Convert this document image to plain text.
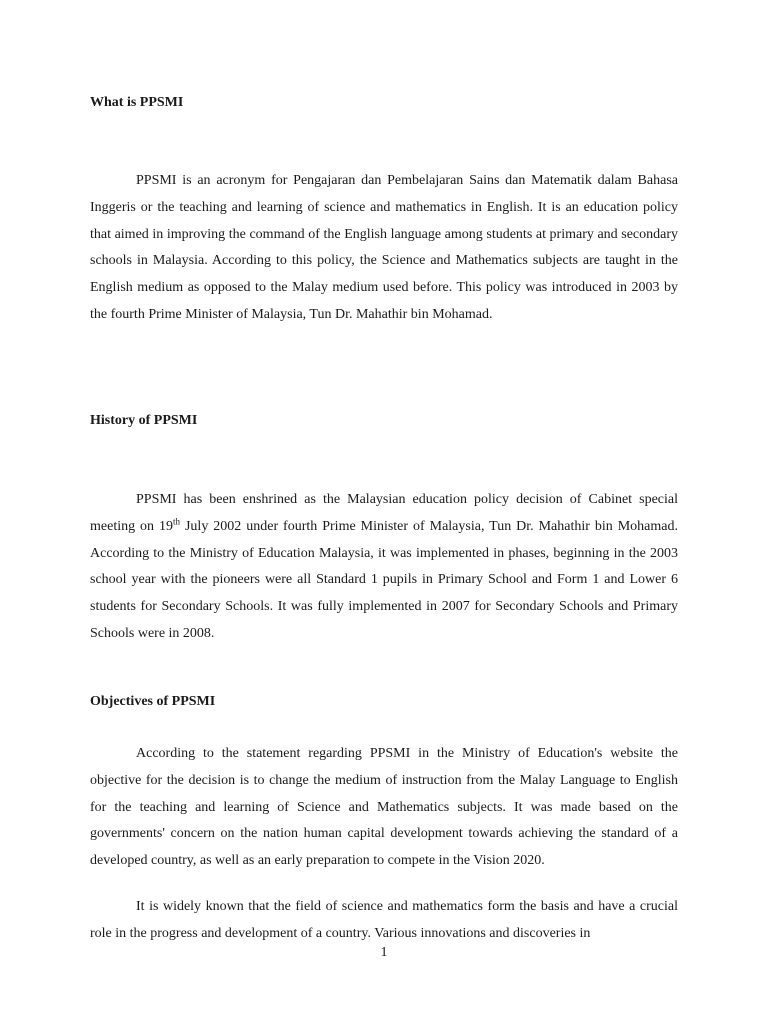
What is PPSMI

PPSMI is an acronym for Pengajaran dan Pembelajaran Sains dan Matematik dalam Bahasa Inggeris or the teaching and learning of science and mathematics in English. It is an education policy that aimed in improving the command of the English language among students at primary and secondary schools in Malaysia. According to this policy, the Science and Mathematics subjects are taught in the English medium as opposed to the Malay medium used before. This policy was introduced in 2003 by the fourth Prime Minister of Malaysia, Tun Dr. Mahathir bin Mohamad.

History of PPSMI

PPSMI has been enshrined as the Malaysian education policy decision of Cabinet special meeting on 19th July 2002 under fourth Prime Minister of Malaysia, Tun Dr. Mahathir bin Mohamad. According to the Ministry of Education Malaysia, it was implemented in phases, beginning in the 2003 school year with the pioneers were all Standard 1 pupils in Primary School and Form 1 and Lower 6 students for Secondary Schools. It was fully implemented in 2007 for Secondary Schools and Primary Schools were in 2008.

Objectives of PPSMI

According to the statement regarding PPSMI in the Ministry of Education's website the objective for the decision is to change the medium of instruction from the Malay Language to English for the teaching and learning of Science and Mathematics subjects. It was made based on the governments' concern on the nation human capital development towards achieving the standard of a developed country, as well as an early preparation to compete in the Vision 2020.

It is widely known that the field of science and mathematics form the basis and have a crucial role in the progress and development of a country. Various innovations and discoveries in

1
